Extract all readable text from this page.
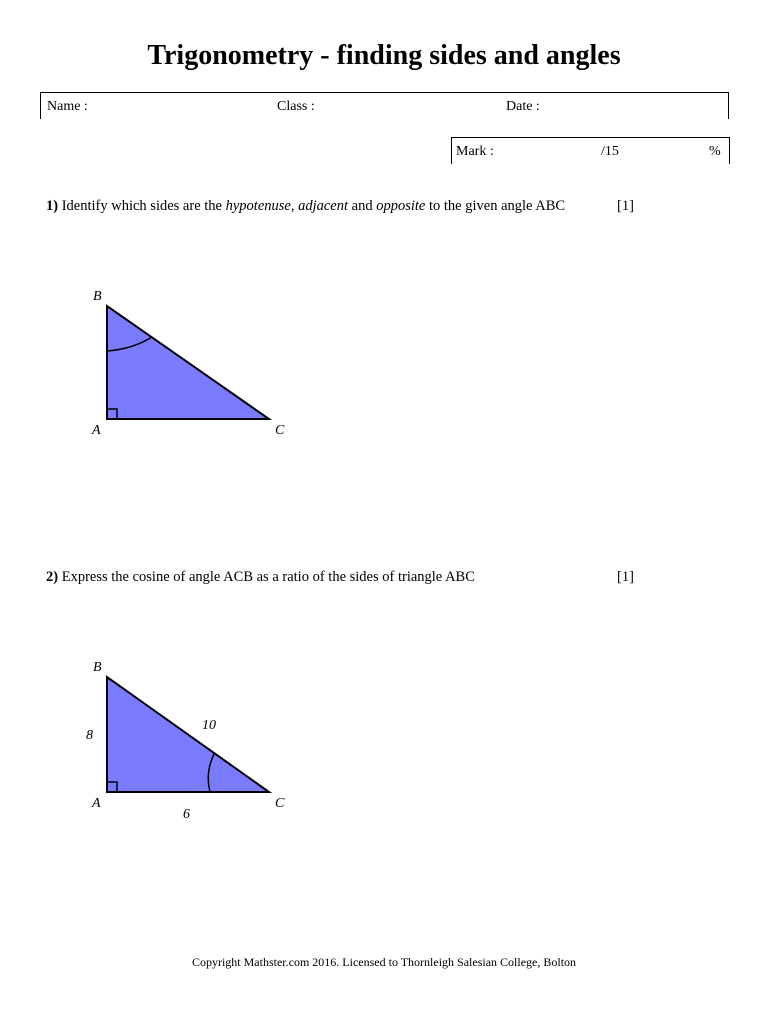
Trigonometry - finding sides and angles
Name :	Class :	Date :
Mark :	/15	%
1) Identify which sides are the hypotenuse, adjacent and opposite to the given angle ABC	[1]
B
A	C
B
A	C
8
10
6
2) Express the cosine of angle ACB as a ratio of the sides of triangle ABC	[1]
Copyright Mathster.com 2016. Licensed to Thornleigh Salesian College, Bolton
